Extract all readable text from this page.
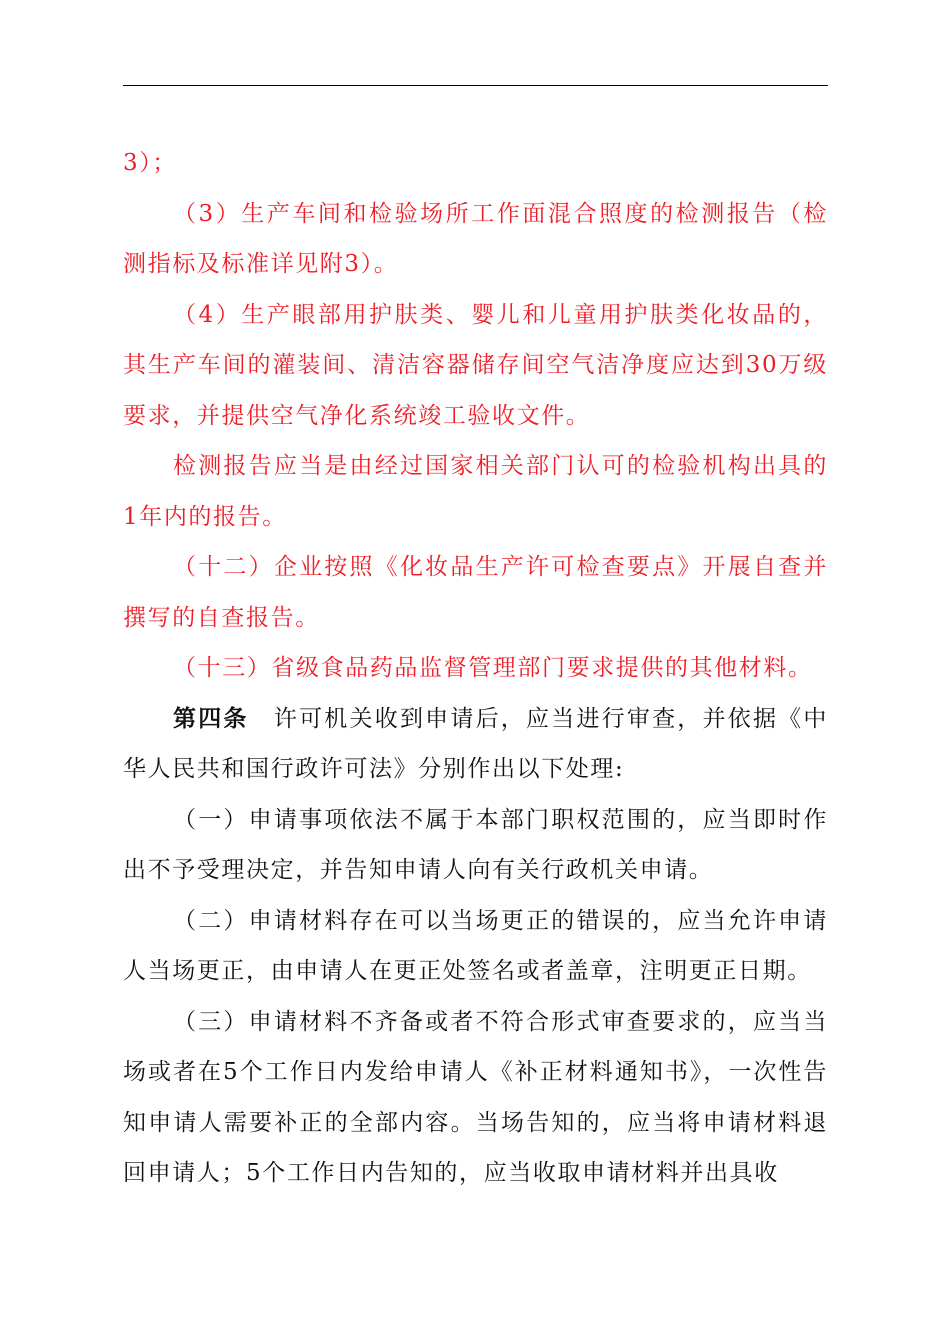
3）；

（3）生产车间和检验场所工作面混合照度的检测报告（检测指标及标准详见附3）。

（4）生产眼部用护肤类、婴儿和儿童用护肤类化妆品的，其生产车间的灌装间、清洁容器储存间空气洁净度应达到30万级要求，并提供空气净化系统竣工验收文件。

检测报告应当是由经过国家相关部门认可的检验机构出具的1年内的报告。

（十二）企业按照《化妆品生产许可检查要点》开展自查并撰写的自查报告。

（十三）省级食品药品监督管理部门要求提供的其他材料。

第四条　许可机关收到申请后，应当进行审查，并依据《中华人民共和国行政许可法》分别作出以下处理:

（一）申请事项依法不属于本部门职权范围的，应当即时作出不予受理决定，并告知申请人向有关行政机关申请。

（二）申请材料存在可以当场更正的错误的，应当允许申请人当场更正，由申请人在更正处签名或者盖章，注明更正日期。

（三）申请材料不齐备或者不符合形式审查要求的，应当当场或者在5个工作日内发给申请人《补正材料通知书》，一次性告知申请人需要补正的全部内容。当场告知的，应当将申请材料退回申请人；5个工作日内告知的，应当收取申请材料并出具收
